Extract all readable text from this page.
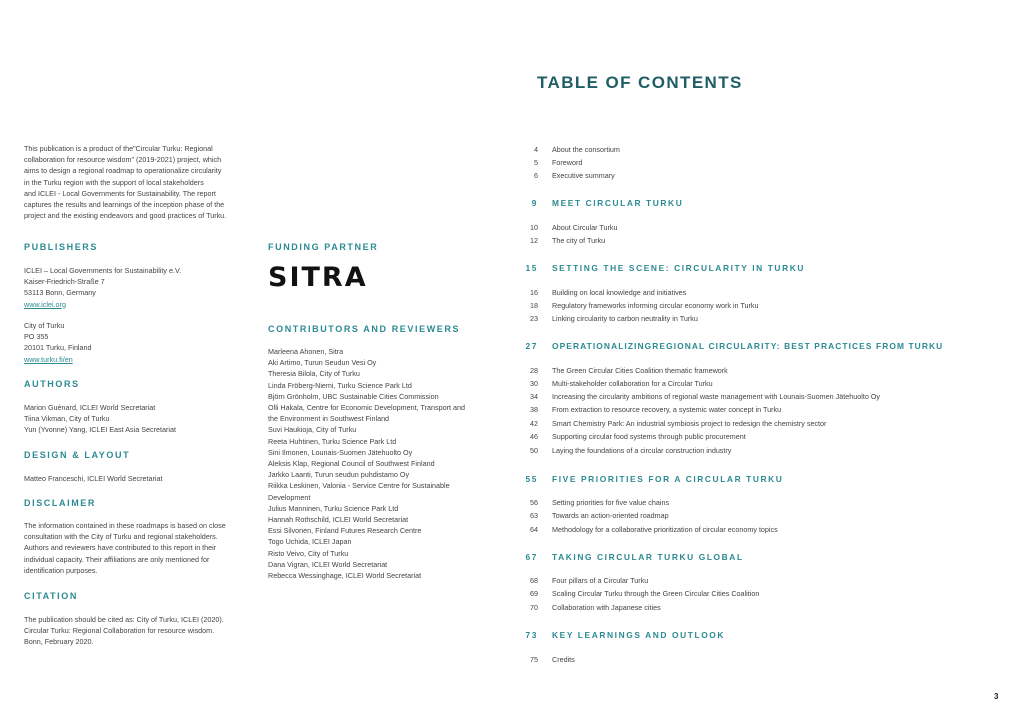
This publication is a product of the"Circular Turku: Regional
collaboration for resource wisdom" (2019-2021) project, which
aims to design a regional roadmap to operationalize circularity
in the Turku region with the support of local stakeholders
and ICLEI - Local Governments for Sustainability. The report
captures the results and learnings of the inception phase of the
project and the existing endeavors and good practices of Turku.
PUBLISHERS
ICLEI – Local Governments for Sustainability e.V.
Kaiser-Friedrich-Straße 7
53113 Bonn, Germany
www.iclei.org
City of Turku
PO 355
20101 Turku, Finland
www.turku.fi/en
AUTHORS
Marion Guénard, ICLEI World Secretariat
Tiina Vikman, City of Turku
Yun (Yvonne) Yang, ICLEI East Asia Secretariat
DESIGN & LAYOUT
Matteo Franceschi, ICLEI World Secretariat
DISCLAIMER
The information contained in these roadmaps is based on close
consultation with the City of Turku and regional stakeholders.
Authors and reviewers have contributed to this report in their
individual capacity. Their affiliations are only mentioned for
identification purposes.
CITATION
The publication should be cited as: City of Turku, ICLEI (2020).
Circular Turku: Regional Collaboration for resource wisdom.
Bonn, February 2020.
FUNDING PARTNER
SITRA
CONTRIBUTORS AND REVIEWERS
Marleena Ahonen, Sitra
Aki Artimo, Turun Seudun Vesi Oy
Theresia Bilola, City of Turku
Linda Fröberg-Niemi, Turku Science Park Ltd
Björn Grönholm, UBC Sustainable Cities Commission
Olli Hakala, Centre for Economic Development, Transport and
the Environment in Southwest Finland
Suvi Haukioja, City of Turku
Reeta Huhtinen, Turku Science Park Ltd
Sini Ilmonen, Lounais-Suomen Jätehuolto Oy
Aleksis Klap, Regional Council of Southwest Finland
Jarkko Laanti, Turun seudun puhdistamo Oy
Riikka Leskinen, Valonia - Service Centre for Sustainable
Development
Julius Manninen, Turku Science Park Ltd
Hannah Rothschild, ICLEI World Secretariat
Essi Silvonen, Finland Futures Research Centre
Togo Uchida, ICLEI Japan
Risto Veivo, City of Turku
Dana Vigran, ICLEI World Secretariat
Rebecca Wessinghage, ICLEI World Secretariat
TABLE OF CONTENTS
4 About the consortium
5 Foreword
6 Executive summary
9 MEET CIRCULAR TURKU
10 About Circular Turku
12 The city of Turku
15 SETTING THE SCENE: CIRCULARITY IN TURKU
16 Building on local knowledge and initiatives
18 Regulatory frameworks informing circular economy work in Turku
23 Linking circularity to carbon neutrality in Turku
27 OPERATIONALIZINGREGIONAL CIRCULARITY: BEST PRACTICES FROM TURKU
28 The Green Circular Cities Coalition thematic framework
30 Multi-stakeholder collaboration for a Circular Turku
34 Increasing the circularity ambitions of regional waste management with Lounais-Suomen Jätehuolto Oy
38 From extraction to resource recovery, a systemic water concept in Turku
42 Smart Chemistry Park: An industrial symbiosis project to redesign the chemistry sector
46 Supporting circular food systems through public procurement
50 Laying the foundations of a circular construction industry
55 FIVE PRIORITIES FOR A CIRCULAR TURKU
56 Setting priorities for five value chains
63 Towards an action-oriented roadmap
64 Methodology for a collaborative prioritization of circular economy topics
67 TAKING CIRCULAR TURKU GLOBAL
68 Four pillars of a Circular Turku
69 Scaling Circular Turku through the Green Circular Cities Coalition
70 Collaboration with Japanese cities
73 KEY LEARNINGS AND OUTLOOK
75 Credits
3
